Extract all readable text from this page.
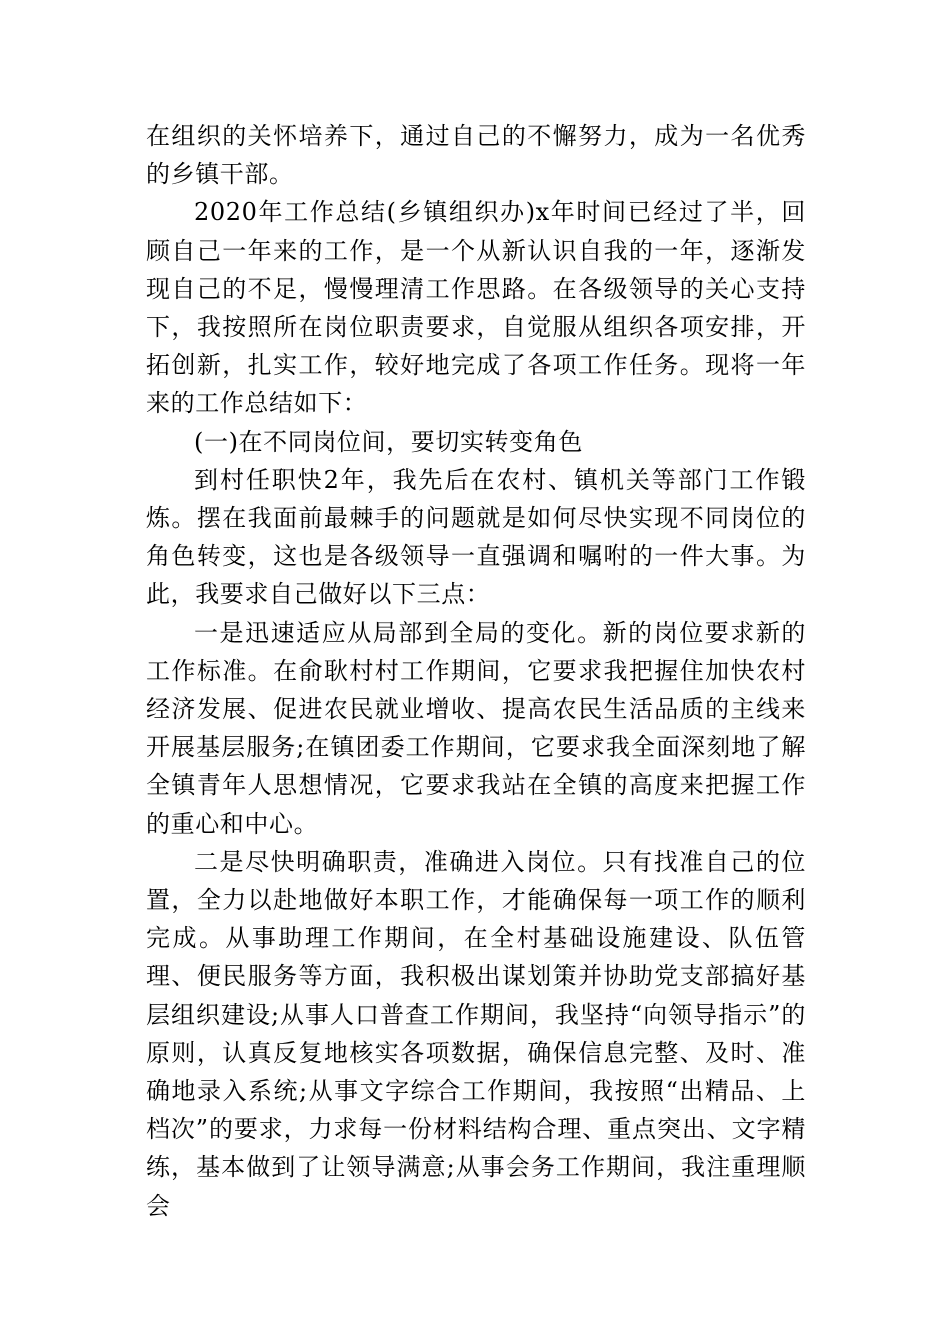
在组织的关怀培养下，通过自己的不懈努力，成为一名优秀的乡镇干部。

2020年工作总结(乡镇组织办)x年时间已经过了半，回顾自己一年来的工作，是一个从新认识自我的一年，逐渐发现自己的不足，慢慢理清工作思路。在各级领导的关心支持下，我按照所在岗位职责要求，自觉服从组织各项安排，开拓创新，扎实工作，较好地完成了各项工作任务。现将一年来的工作总结如下：

(一)在不同岗位间，要切实转变角色

到村任职快2年，我先后在农村、镇机关等部门工作锻炼。摆在我面前最棘手的问题就是如何尽快实现不同岗位的角色转变，这也是各级领导一直强调和嘱咐的一件大事。为此，我要求自己做好以下三点：

一是迅速适应从局部到全局的变化。新的岗位要求新的工作标准。在俞耿村村工作期间，它要求我把握住加快农村经济发展、促进农民就业增收、提高农民生活品质的主线来开展基层服务;在镇团委工作期间，它要求我全面深刻地了解全镇青年人思想情况，它要求我站在全镇的高度来把握工作的重心和中心。

二是尽快明确职责，准确进入岗位。只有找准自己的位置，全力以赴地做好本职工作，才能确保每一项工作的顺利完成。从事助理工作期间，在全村基础设施建设、队伍管理、便民服务等方面，我积极出谋划策并协助党支部搞好基层组织建设;从事人口普查工作期间，我坚持“向领导指示”的原则，认真反复地核实各项数据，确保信息完整、及时、准确地录入系统;从事文字综合工作期间，我按照“出精品、上档次”的要求，力求每一份材料结构合理、重点突出、文字精练，基本做到了让领导满意;从事会务工作期间，我注重理顺会
